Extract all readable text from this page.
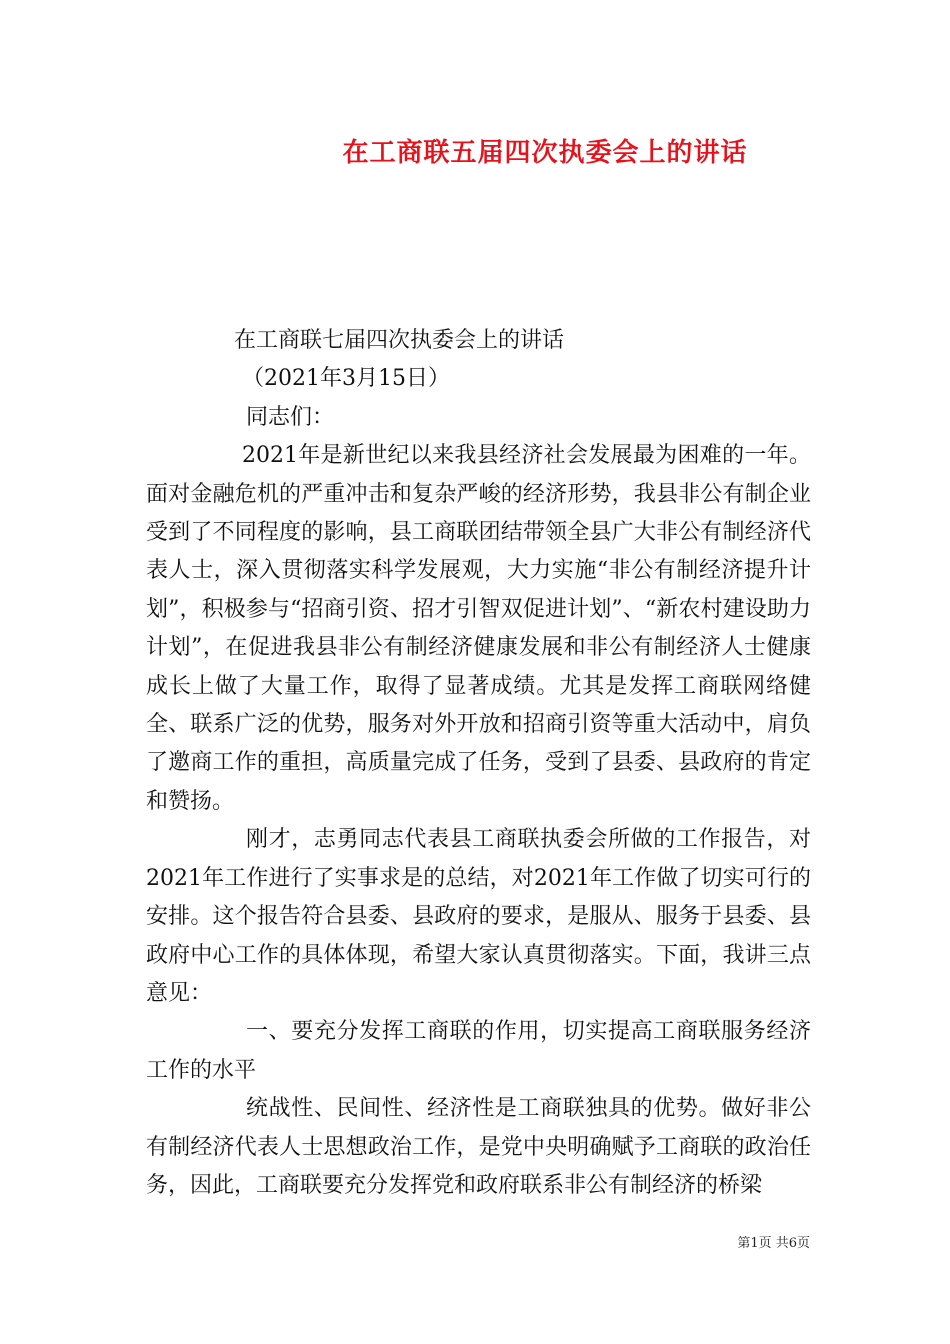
在工商联五届四次执委会上的讲话

在工商联七届四次执委会上的讲话

（2021年3月15日）

同志们：

2021年是新世纪以来我县经济社会发展最为困难的一年。面对金融危机的严重冲击和复杂严峻的经济形势，我县非公有制企业受到了不同程度的影响，县工商联团结带领全县广大非公有制经济代表人士，深入贯彻落实科学发展观，大力实施“非公有制经济提升计划”，积极参与“招商引资、招才引智双促进计划”、“新农村建设助力计划”，在促进我县非公有制经济健康发展和非公有制经济人士健康成长上做了大量工作，取得了显著成绩。尤其是发挥工商联网络健全、联系广泛的优势，服务对外开放和招商引资等重大活动中，肩负了邀商工作的重担，高质量完成了任务，受到了县委、县政府的肯定和赞扬。

刚才，志勇同志代表县工商联执委会所做的工作报告，对2021年工作进行了实事求是的总结，对2021年工作做了切实可行的安排。这个报告符合县委、县政府的要求，是服从、服务于县委、县政府中心工作的具体体现，希望大家认真贯彻落实。下面，我讲三点意见：

一、要充分发挥工商联的作用，切实提高工商联服务经济工作的水平

统战性、民间性、经济性是工商联独具的优势。做好非公有制经济代表人士思想政治工作，是党中央明确赋予工商联的政治任务，因此，工商联要充分发挥党和政府联系非公有制经济的桥梁

第1页 共6页
